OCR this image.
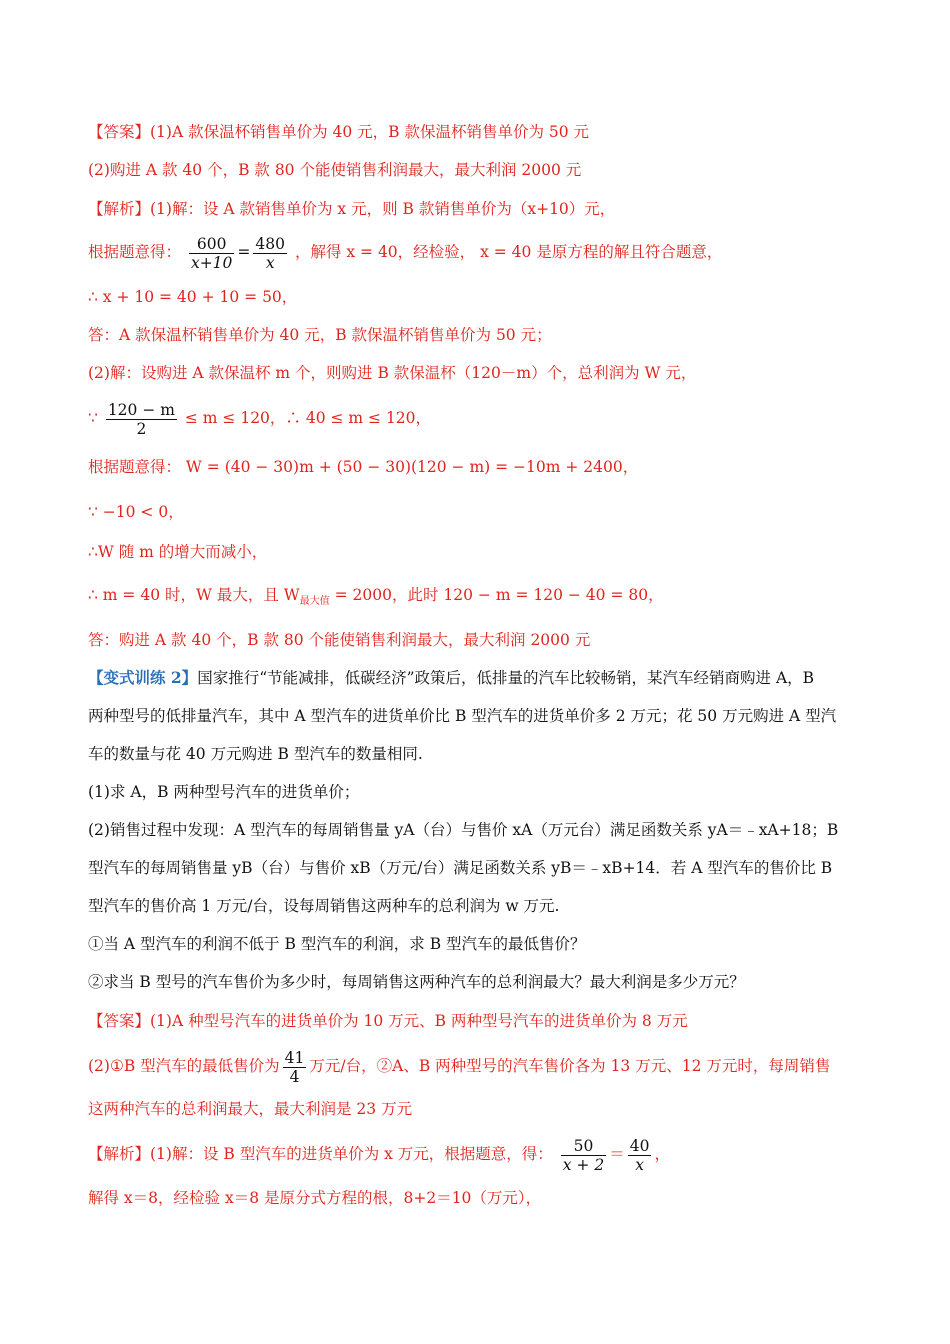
【答案】(1)A 款保温杯销售单价为 40 元，B 款保温杯销售单价为 50 元
(2)购进 A 款 40 个，B 款 80 个能使销售利润最大，最大利润 2000 元
【解析】(1)解：设 A 款销售单价为 x 元，则 B 款销售单价为（x+10）元，
根据题意得： $\frac{600}{x+10} = \frac{480}{x}$ ，解得 x = 40，经检验， x = 40 是原方程的解且符合题意，
∴ x + 10 = 40 + 10 = 50，
答：A 款保温杯销售单价为 40 元，B 款保温杯销售单价为 50 元；
(2)解：设购进 A 款保温杯 m 个，则购进 B 款保温杯（120－m）个，总利润为 W 元，
∵ $\frac{120 - m}{2} \le m \le 120$，∴ 40 ≤ m ≤ 120，
根据题意得： W = (40 − 30)m + (50 − 30)(120 − m) = −10m + 2400，
∵ −10 < 0，
∴W 随 m 的增大而减小，
∴ m = 40 时，W 最大，且 $W_{最大值} = 2000$，此时 120 − m = 120 − 40 = 80，
答：购进 A 款 40 个，B 款 80 个能使销售利润最大，最大利润 2000 元
【变式训练 2】国家推行“节能减排，低碳经济”政策后，低排量的汽车比较畅销，某汽车经销商购进 A，B
两种型号的低排量汽车，其中 A 型汽车的进货单价比 B 型汽车的进货单价多 2 万元；花 50 万元购进 A 型汽
车的数量与花 40 万元购进 B 型汽车的数量相同.
(1)求 A，B 两种型号汽车的进货单价；
(2)销售过程中发现：A 型汽车的每周销售量 yA（台）与售价 xA（万元台）满足函数关系 yA＝﹣xA+18；B
型汽车的每周销售量 yB（台）与售价 xB（万元/台）满足函数关系 yB＝﹣xB+14．若 A 型汽车的售价比 B
型汽车的售价高 1 万元/台，设每周销售这两种车的总利润为 w 万元.
①当 A 型汽车的利润不低于 B 型汽车的利润，求 B 型汽车的最低售价？
②求当 B 型号的汽车售价为多少时，每周销售这两种汽车的总利润最大？最大利润是多少万元？
【答案】(1)A 种型号汽车的进货单价为 10 万元、B 两种型号汽车的进货单价为 8 万元
(2)①B 型汽车的最低售价为 $\frac{41}{4}$ 万元/台，②A、B 两种型号的汽车售价各为 13 万元、12 万元时，每周销售
这两种汽车的总利润最大，最大利润是 23 万元
【解析】(1)解：设 B 型汽车的进货单价为 x 万元，根据题意，得： $\frac{50}{x + 2} = \frac{40}{x}$ ，
解得 x＝8，经检验 x＝8 是原分式方程的根，8+2＝10（万元），
